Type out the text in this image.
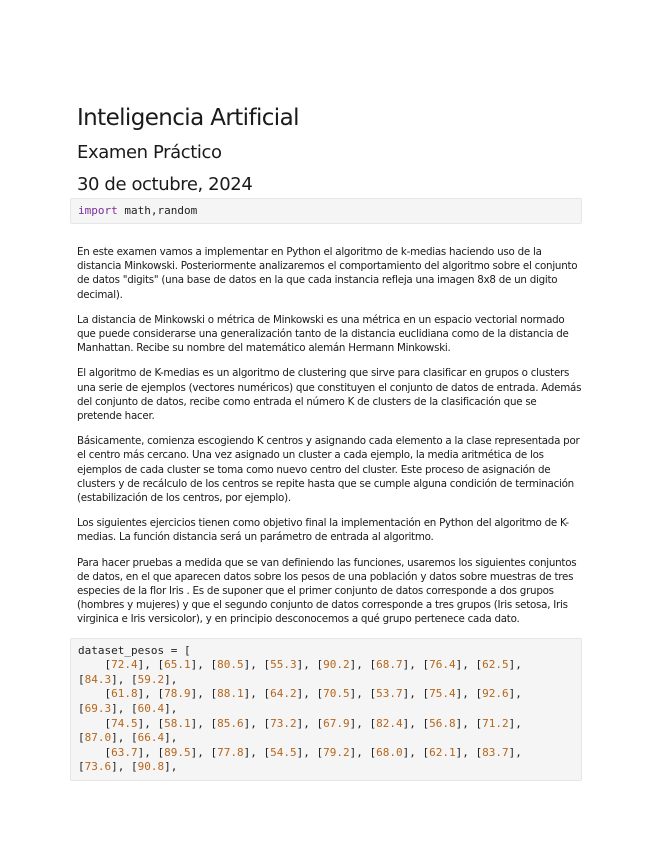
Inteligencia Artificial
Examen Práctico
30 de octubre, 2024
import math,random

En este examen vamos a implementar en Python el algoritmo de k-medias haciendo uso de la distancia Minkowski. Posteriormente analizaremos el comportamiento del algoritmo sobre el conjunto de datos "digits" (una base de datos en la que cada instancia refleja una imagen 8x8 de un digito decimal).

La distancia de Minkowski o métrica de Minkowski es una métrica en un espacio vectorial normado que puede considerarse una generalización tanto de la distancia euclidiana como de la distancia de Manhattan. Recibe su nombre del matemático alemán Hermann Minkowski.

El algoritmo de K-medias es un algoritmo de clustering que sirve para clasificar en grupos o clusters una serie de ejemplos (vectores numéricos) que constituyen el conjunto de datos de entrada. Además del conjunto de datos, recibe como entrada el número K de clusters de la clasificación que se pretende hacer.

Básicamente, comienza escogiendo K centros y asignando cada elemento a la clase representada por el centro más cercano. Una vez asignado un cluster a cada ejemplo, la media aritmética de los ejemplos de cada cluster se toma como nuevo centro del cluster. Este proceso de asignación de clusters y de recálculo de los centros se repite hasta que se cumple alguna condición de terminación (estabilización de los centros, por ejemplo).

Los siguientes ejercicios tienen como objetivo final la implementación en Python del algoritmo de K-medias. La función distancia será un parámetro de entrada al algoritmo.

Para hacer pruebas a medida que se van definiendo las funciones, usaremos los siguientes conjuntos de datos, en el que aparecen datos sobre los pesos de una población y datos sobre muestras de tres especies de la flor Iris . Es de suponer que el primer conjunto de datos corresponde a dos grupos (hombres y mujeres) y que el segundo conjunto de datos corresponde a tres grupos (Iris setosa, Iris virginica e Iris versicolor), y en principio desconocemos a qué grupo pertenece cada dato.

dataset_pesos = [
[72.4], [65.1], [80.5], [55.3], [90.2], [68.7], [76.4], [62.5],
[84.3], [59.2],
[61.8], [78.9], [88.1], [64.2], [70.5], [53.7], [75.4], [92.6],
[69.3], [60.4],
[74.5], [58.1], [85.6], [73.2], [67.9], [82.4], [56.8], [71.2],
[87.0], [66.4],
[63.7], [89.5], [77.8], [54.5], [79.2], [68.0], [62.1], [83.7],
[73.6], [90.8],
